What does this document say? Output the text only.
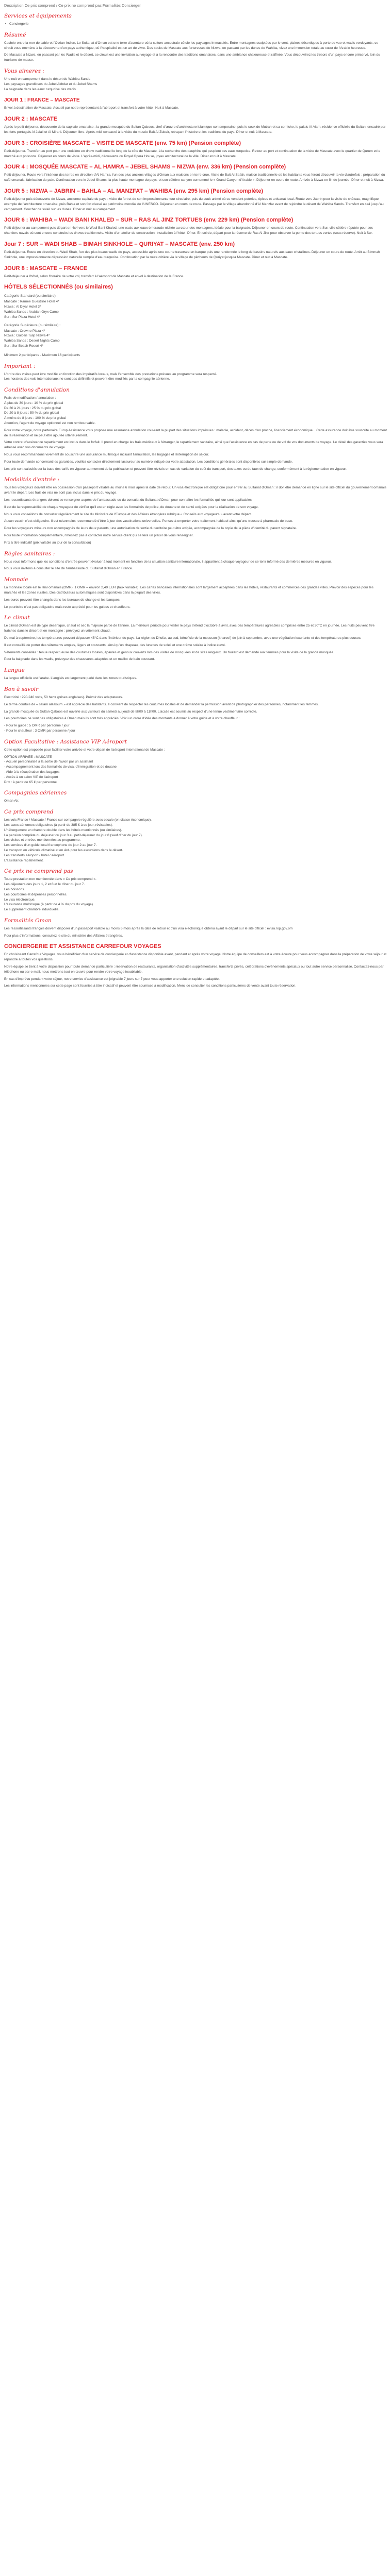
Description Ce prix comprend / Ce prix ne comprend pas Formalités Concierger

Services et équipements
• Conciergerie
Résumé

Cachée entre la mer de sable et l'Océan Indien, Le Sultanat d'Oman est une terre d'aventure où la culture ancestrale côtoie les paysages immaculés. Entre montagnes sculptées par le vent, plaines désertiques à perte de vue et wadis verdoyants, ce circuit vous emmène à la découverte d'un pays authentique, où l'hospitalité est un art de vivre. Des souks de Mascate aux forteresses de Nizwa, en passant par les dunes de Wahiba, vivez une immersion totale au cœur de l'Arabie heureuse.

De Mascate à Nizwa, en passant par les Wadis et le désert, ce circuit est une invitation au voyage et à la rencontre des traditions omanaises, dans une ambiance chaleureuse et raffinée. Vous découvrirez les trésors d'un pays encore préservé, loin du tourisme de masse.

Vous aimerez :

Une nuit en campement dans le désert de Wahiba Sands

Les paysages grandioses du Jebel Akhdar et du Jebel Shams

La baignade dans les eaux turquoise des wadis

JOUR 1 : FRANCE – MASCATE

Envol à destination de Mascate. Accueil par notre représentant à l'aéroport et transfert à votre hôtel. Nuit à Mascate.

JOUR 2 : MASCATE

Après le petit-déjeuner, découverte de la capitale omanaise : la grande mosquée du Sultan Qaboos, chef-d'œuvre d'architecture islamique contemporaine, puis le souk de Mutrah et sa corniche, le palais Al Alam, résidence officielle du Sultan, encadré par les forts portugais Al Jalali et Al Mirani. Déjeuner libre. Après-midi consacré à la visite du musée Bait Al Zubair, retraçant l'histoire et les traditions du pays. Dîner et nuit à Mascate.

JOUR 3 : CROISIÈRE MASCATE – VISITE DE MASCATE (env. 75 km) (Pension complète)

Petit-déjeuner. Transfert au port pour une croisière en dhow traditionnel le long de la côte de Mascate, à la recherche des dauphins qui peuplent ces eaux turquoise. Retour au port et continuation de la visite de Mascate avec le quartier de Qurum et le marché aux poissons. Déjeuner en cours de visite. L'après-midi, découverte du Royal Opera House, joyau architectural de la ville. Dîner et nuit à Mascate.

JOUR 4 : MOSQUÉE MASCATE – AL HAMRA – JEBEL SHAMS – NIZWA (env. 336 km) (Pension complète)

Petit-déjeuner. Route vers l'intérieur des terres en direction d'Al Hamra, l'un des plus anciens villages d'Oman aux maisons en terre crue. Visite de Bait Al Safah, maison traditionnelle où les habitants vous feront découvrir la vie d'autrefois : préparation du café omanais, fabrication du pain. Continuation vers le Jebel Shams, la plus haute montagne du pays, et son célèbre canyon surnommé le « Grand Canyon d'Arabie ». Déjeuner en cours de route. Arrivée à Nizwa en fin de journée. Dîner et nuit à Nizwa.

JOUR 5 : NIZWA – JABRIN – BAHLA – AL MANZFAT – WAHIBA (env. 295 km) (Pension complète)

Petit-déjeuner puis découverte de Nizwa, ancienne capitale du pays : visite du fort et de son impressionnante tour circulaire, puis du souk animé où se vendent poteries, épices et artisanat local. Route vers Jabrin pour la visite du château, magnifique exemple de l'architecture omanaise, puis Bahla et son fort classé au patrimoine mondial de l'UNESCO. Déjeuner en cours de route. Passage par le village abandonné d'Al Manzfat avant de rejoindre le désert de Wahiba Sands. Transfert en 4x4 jusqu'au campement. Coucher de soleil sur les dunes. Dîner et nuit au campement.

JOUR 6 : WAHIBA – WADI BANI KHALED – SUR – RAS AL JINZ TORTUES (env. 229 km) (Pension complète)

Petit-déjeuner au campement puis départ en 4x4 vers le Wadi Bani Khaled, une oasis aux eaux émeraude nichée au cœur des montagnes, idéale pour la baignade. Déjeuner en cours de route. Continuation vers Sur, ville côtière réputée pour ses chantiers navals où sont encore construits les dhows traditionnels. Visite d'un atelier de construction. Installation à l'hôtel. Dîner. En soirée, départ pour la réserve de Ras Al Jinz pour observer la ponte des tortues vertes (sous réserve). Nuit à Sur.

Jour 7 : SUR – WADI SHAB – BIMAH SINKHOLE – QURIYAT – MASCATE (env. 250 km)

Petit-déjeuner. Route en direction du Wadi Shab, l'un des plus beaux wadis du pays, accessible après une courte traversée en barque puis une randonnée le long de bassins naturels aux eaux cristallines. Déjeuner en cours de route. Arrêt au Bimmah Sinkhole, une impressionnante dépression naturelle remplie d'eau turquoise. Continuation par la route côtière via le village de pêcheurs de Quriyat jusqu'à Mascate. Dîner et nuit à Mascate.

JOUR 8 : MASCATE – FRANCE

Petit-déjeuner à l'hôtel, selon l'horaire de votre vol, transfert à l'aéroport de Mascate et envol à destination de la France.

HÔTELS SÉLECTIONNÉS (ou similaires)
Catégorie Standard (ou similaire) :

Mascate : Ramee Guestline Hotel 4*

Nizwa : Al Diyar Hotel 3*

Wahiba Sands : Arabian Oryx Camp

Sur : Sur Plaza Hotel 4*

Catégorie Supérieure (ou similaire) :

Mascate : Crowne Plaza 4*

Nizwa : Golden Tulip Nizwa 4*

Wahiba Sands : Desert Nights Camp

Sur : Sur Beach Resort 4*

Minimum 2 participants - Maximum 16 participants

Important :

L'ordre des visites peut être modifié en fonction des impératifs locaux, mais l'ensemble des prestations prévues au programme sera respecté.

Les horaires des vols internationaux ne sont pas définitifs et peuvent être modifiés par la compagnie aérienne.

Conditions d'annulation

Frais de modification / annulation :

À plus de 30 jours : 10 % du prix global

De 30 à 21 jours : 25 % du prix global

De 20 à 8 jours : 50 % du prix global

À moins de 8 jours : 100 % du prix global

Attention, l'agent de voyage optionnel est non remboursable.

Pour votre voyage, notre partenaire Europ Assistance vous propose une assurance annulation couvrant la plupart des situations imprévues : maladie, accident, décès d'un proche, licenciement économique... Cette assurance doit être souscrite au moment de la réservation et ne peut être ajoutée ultérieurement.

Votre contrat d'assistance rapatriement est inclus dans le forfait. Il prend en charge les frais médicaux à l'étranger, le rapatriement sanitaire, ainsi que l'assistance en cas de perte ou de vol de vos documents de voyage. Le détail des garanties vous sera adressé avec vos documents de voyage.

Nous vous recommandons vivement de souscrire une assurance multirisque incluant l'annulation, les bagages et l'interruption de séjour.

Pour toute demande concernant les garanties, veuillez contacter directement l'assureur au numéro indiqué sur votre attestation. Les conditions générales sont disponibles sur simple demande.

Les prix sont calculés sur la base des tarifs en vigueur au moment de la publication et peuvent être révisés en cas de variation du coût du transport, des taxes ou du taux de change, conformément à la réglementation en vigueur.

Modalités d'entrée :

Tous les voyageurs doivent être en possession d'un passeport valable au moins 6 mois après la date de retour. Un visa électronique est obligatoire pour entrer au Sultanat d'Oman : il doit être demandé en ligne sur le site officiel du gouvernement omanais avant le départ. Les frais de visa ne sont pas inclus dans le prix du voyage.

Les ressortissants étrangers doivent se renseigner auprès de l'ambassade ou du consulat du Sultanat d'Oman pour connaître les formalités qui leur sont applicables.

Il est de la responsabilité de chaque voyageur de vérifier qu'il est en règle avec les formalités de police, de douane et de santé exigées pour la réalisation de son voyage.

Nous vous conseillons de consulter régulièrement le site du Ministère de l'Europe et des Affaires étrangères rubrique « Conseils aux voyageurs » avant votre départ.

Aucun vaccin n'est obligatoire. Il est néanmoins recommandé d'être à jour des vaccinations universelles. Pensez à emporter votre traitement habituel ainsi qu'une trousse à pharmacie de base.

Pour les voyageurs mineurs non accompagnés de leurs deux parents, une autorisation de sortie du territoire peut être exigée, accompagnée de la copie de la pièce d'identité du parent signataire.

Pour toute information complémentaire, n'hésitez pas à contacter notre service client qui se fera un plaisir de vous renseigner.

Prix à titre indicatif (prix valable au jour de la consultation)

Règles sanitaires :

Nous vous informons que les conditions d'entrée peuvent évoluer à tout moment en fonction de la situation sanitaire internationale. Il appartient à chaque voyageur de se tenir informé des dernières mesures en vigueur.

Nous vous invitons à consulter le site de l'ambassade du Sultanat d'Oman en France.

Monnaie

La monnaie locale est le Rial omanais (OMR). 1 OMR = environ 2,40 EUR (taux variable). Les cartes bancaires internationales sont largement acceptées dans les hôtels, restaurants et commerces des grandes villes. Prévoir des espèces pour les marchés et les zones rurales. Des distributeurs automatiques sont disponibles dans la plupart des villes.

Les euros peuvent être changés dans les bureaux de change et les banques.

Le pourboire n'est pas obligatoire mais reste apprécié pour les guides et chauffeurs.

Le climat

Le climat d'Oman est de type désertique, chaud et sec la majeure partie de l'année. La meilleure période pour visiter le pays s'étend d'octobre à avril, avec des températures agréables comprises entre 25 et 30°C en journée. Les nuits peuvent être fraîches dans le désert et en montagne : prévoyez un vêtement chaud.

De mai à septembre, les températures peuvent dépasser 45°C dans l'intérieur du pays. La région du Dhofar, au sud, bénéficie de la mousson (khareef) de juin à septembre, avec une végétation luxuriante et des températures plus douces.

Il est conseillé de porter des vêtements amples, légers et couvrants, ainsi qu'un chapeau, des lunettes de soleil et une crème solaire à indice élevé.

Vêtements conseillés : tenue respectueuse des coutumes locales, épaules et genoux couverts lors des visites de mosquées et de sites religieux. Un foulard est demandé aux femmes pour la visite de la grande mosquée.

Pour la baignade dans les wadis, prévoyez des chaussures adaptées et un maillot de bain couvrant.

Langue

La langue officielle est l'arabe. L'anglais est largement parlé dans les zones touristiques.

Bon à savoir

Electricité : 220-240 volts, 50 hertz (prises anglaises). Prévoir des adaptateurs.

Le terme courtois de « salam alaikoum » est apprécié des habitants. Il convient de respecter les coutumes locales et de demander la permission avant de photographier des personnes, notamment les femmes.

La grande mosquée du Sultan Qaboos est ouverte aux visiteurs du samedi au jeudi de 8h00 à 11h00. L'accès est soumis au respect d'une tenue vestimentaire correcte.

Les pourboires ne sont pas obligatoires à Oman mais ils sont très appréciés. Voici un ordre d'idée des montants à donner à votre guide et à votre chauffeur :

- Pour le guide : 5 OMR par personne / jour

- Pour le chauffeur : 3 OMR par personne / jour

Option Facultative : Assistance VIP Aéroport

Cette option est proposée pour faciliter votre arrivée et votre départ de l'aéroport international de Mascate :

OPTION ARRIVÉE : MASCATE

- Accueil personnalisé à la sortie de l'avion par un assistant

- Accompagnement lors des formalités de visa, d'immigration et de douane

- Aide à la récupération des bagages

- Accès à un salon VIP de l'aéroport

Prix : à partir de 65 € par personne

Compagnies aériennes

Oman Air.

Ce prix comprend

Les vols France / Mascate / France sur compagnie régulière avec escale (en classe économique).

Les taxes aériennes obligatoires (à partir de 385 € à ce jour, révisables).

L'hébergement en chambre double dans les hôtels mentionnés (ou similaires).

La pension complète du déjeuner du jour 3 au petit-déjeuner du jour 8 (sauf dîner du jour 7).

Les visites et entrées mentionnées au programme.

Les services d'un guide local francophone du jour 2 au jour 7.

Le transport en véhicule climatisé et en 4x4 pour les excursions dans le désert.

Les transferts aéroport / hôtel / aéroport.

L'assistance rapatriement.

Ce prix ne comprend pas

Toute prestation non mentionnée dans « Ce prix comprend ».

Les déjeuners des jours 1, 2 et 8 et le dîner du jour 7.

Les boissons.

Les pourboires et dépenses personnelles.

Le visa électronique.

L'assurance multirisque (à partir de 4 % du prix du voyage).

Le supplément chambre individuelle.

Formalités Oman

Les ressortissants français doivent disposer d'un passeport valable au moins 6 mois après la date de retour et d'un visa électronique obtenu avant le départ sur le site officiel : evisa.rop.gov.om

Pour plus d'informations, consultez le site du ministère des Affaires étrangères.

CONCIERGERIE ET ASSISTANCE CARREFOUR VOYAGES

En choisissant Carrefour Voyages, vous bénéficiez d'un service de conciergerie et d'assistance disponible avant, pendant et après votre voyage. Notre équipe de conseillers est à votre écoute pour vous accompagner dans la préparation de votre séjour et répondre à toutes vos questions.

Notre équipe se tient à votre disposition pour toute demande particulière : réservation de restaurants, organisation d'activités supplémentaires, transferts privés, célébrations d'événements spéciaux ou tout autre service personnalisé. Contactez-nous par téléphone ou par e-mail, nous mettrons tout en œuvre pour rendre votre voyage inoubliable.

En cas d'imprévu pendant votre séjour, notre service d'assistance est joignable 7 jours sur 7 pour vous apporter une solution rapide et adaptée.

Les informations mentionnées sur cette page sont fournies à titre indicatif et peuvent être soumises à modification. Merci de consulter les conditions particulières de vente avant toute réservation.
